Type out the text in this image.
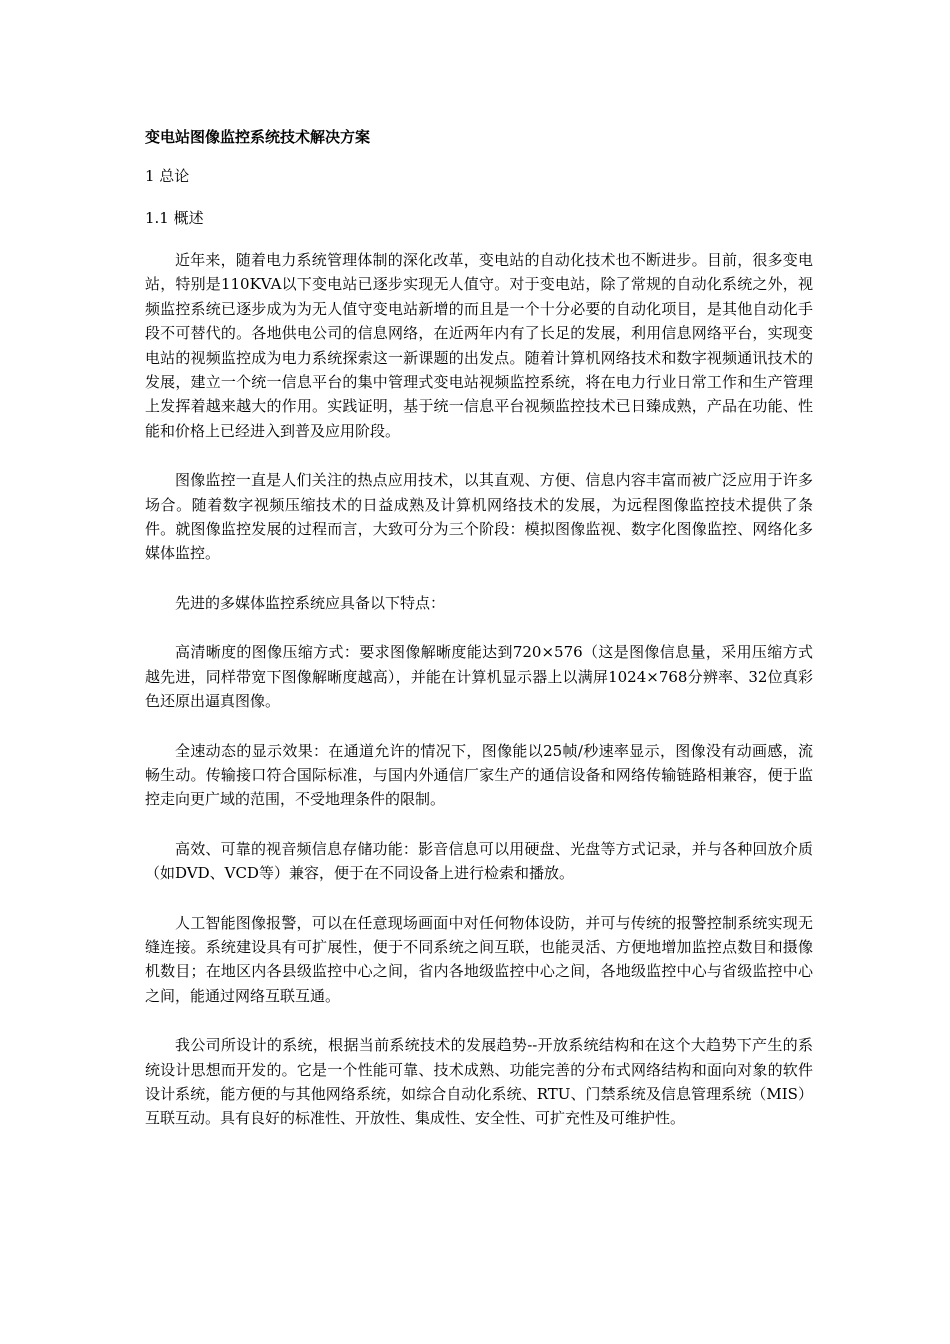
变电站图像监控系统技术解决方案
1 总论
1.1 概述

近年来，随着电力系统管理体制的深化改革，变电站的自动化技术也不断进步。目前，很多变电站，特别是110KVA以下变电站已逐步实现无人值守。对于变电站，除了常规的自动化系统之外，视频监控系统已逐步成为为无人值守变电站新增的而且是一个十分必要的自动化项目，是其他自动化手段不可替代的。各地供电公司的信息网络，在近两年内有了长足的发展，利用信息网络平台，实现变电站的视频监控成为电力系统探索这一新课题的出发点。随着计算机网络技术和数字视频通讯技术的发展，建立一个统一信息平台的集中管理式变电站视频监控系统，将在电力行业日常工作和生产管理上发挥着越来越大的作用。实践证明，基于统一信息平台视频监控技术已日臻成熟，产品在功能、性能和价格上已经进入到普及应用阶段。

图像监控一直是人们关注的热点应用技术，以其直观、方便、信息内容丰富而被广泛应用于许多场合。随着数字视频压缩技术的日益成熟及计算机网络技术的发展，为远程图像监控技术提供了条件。就图像监控发展的过程而言，大致可分为三个阶段：模拟图像监视、数字化图像监控、网络化多媒体监控。

先进的多媒体监控系统应具备以下特点：

高清晰度的图像压缩方式：要求图像解晰度能达到720×576（这是图像信息量，采用压缩方式越先进，同样带宽下图像解晰度越高），并能在计算机显示器上以满屏1024×768分辨率、32位真彩色还原出逼真图像。

全速动态的显示效果：在通道允许的情况下，图像能以25帧/秒速率显示，图像没有动画感，流畅生动。传输接口符合国际标准，与国内外通信厂家生产的通信设备和网络传输链路相兼容，便于监控走向更广域的范围，不受地理条件的限制。

高效、可靠的视音频信息存储功能：影音信息可以用硬盘、光盘等方式记录，并与各种回放介质（如DVD、VCD等）兼容，便于在不同设备上进行检索和播放。

人工智能图像报警，可以在任意现场画面中对任何物体设防，并可与传统的报警控制系统实现无缝连接。系统建设具有可扩展性，便于不同系统之间互联，也能灵活、方便地增加监控点数目和摄像机数目；在地区内各县级监控中心之间，省内各地级监控中心之间，各地级监控中心与省级监控中心之间，能通过网络互联互通。

我公司所设计的系统，根据当前系统技术的发展趋势--开放系统结构和在这个大趋势下产生的系统设计思想而开发的。它是一个性能可靠、技术成熟、功能完善的分布式网络结构和面向对象的软件设计系统，能方便的与其他网络系统，如综合自动化系统、RTU、门禁系统及信息管理系统（MIS）互联互动。具有良好的标准性、开放性、集成性、安全性、可扩充性及可维护性。
